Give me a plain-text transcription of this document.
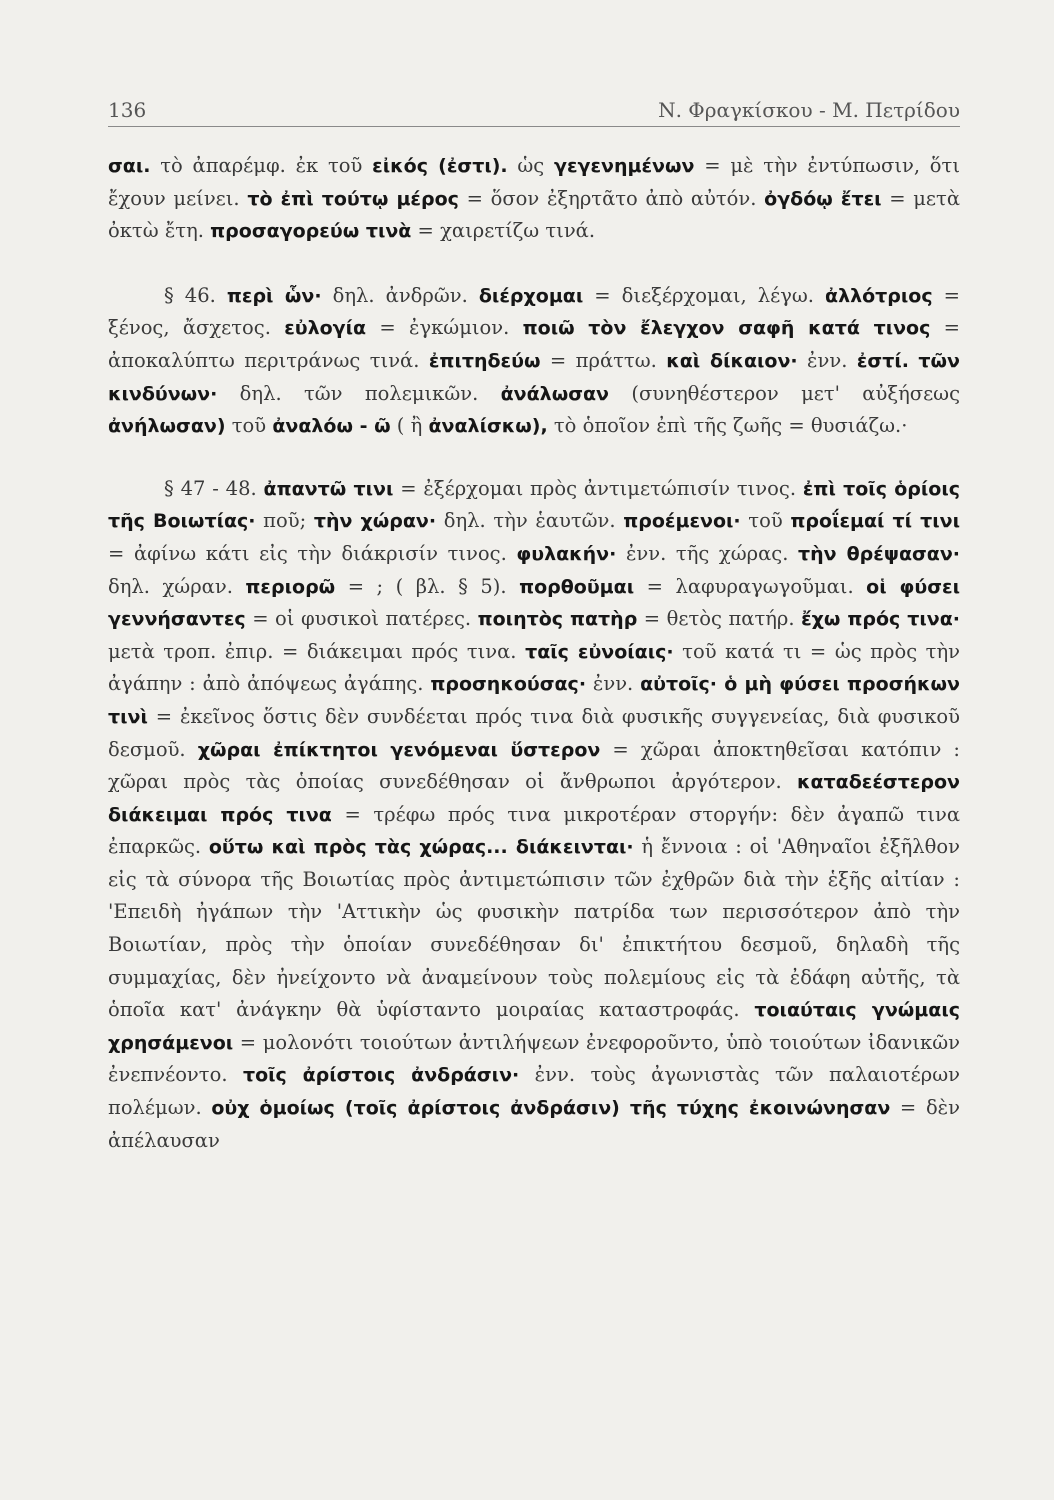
136	Ν. Φραγκίσκου - Μ. Πετρίδου

σαι. τὸ ἀπαρέμφ. ἐκ τοῦ εἰκός (ἐστι). ὡς γεγενημένων = μὲ τὴν ἐντύπωσιν, ὅτι ἔχουν μείνει. τὸ ἐπὶ τούτῳ μέρος = ὅσον ἐξηρτᾶτο ἀπὸ αὐτόν. ὀγδόῳ ἔτει = μετὰ ὀκτὼ ἔτη. προσαγορεύω τινὰ = χαιρετίζω τινά.

§ 46. περὶ ὧν· δηλ. ἀνδρῶν. διέρχομαι = διεξέρχομαι, λέγω. ἀλλότριος = ξένος, ἄσχετος. εὐλογία = ἐγκώμιον. ποιῶ τὸν ἔλεγχον σαφῆ κατά τινος = ἀποκαλύπτω περιτράνως τινά. ἐπιτηδεύω = πράττω. καὶ δίκαιον· ἐνν. ἐστί. τῶν κινδύνων· δηλ. τῶν πολεμικῶν. ἀνάλωσαν (συνηθέστερον μετ' αὐξήσεως ἀνήλωσαν) τοῦ ἀναλόω - ῶ ( ἢ ἀναλίσκω), τὸ ὁποῖον ἐπὶ τῆς ζωῆς = θυσιάζω.·

§ 47 - 48. ἀπαντῶ τινι = ἐξέρχομαι πρὸς ἀντιμετώπισίν τινος. ἐπὶ τοῖς ὁρίοις τῆς Βοιωτίας· ποῦ; τὴν χώραν· δηλ. τὴν ἑαυτῶν. προέμενοι· τοῦ προΐεμαί τί τινι = ἀφίνω κάτι εἰς τὴν διάκρισίν τινος. φυλακήν· ἐνν. τῆς χώρας. τὴν θρέψασαν· δηλ. χώραν. περιορῶ = ; ( βλ. § 5). πορθοῦμαι = λαφυραγωγοῦμαι. οἱ φύσει γεννήσαντες = οἱ φυσικοὶ πατέρες. ποιητὸς πατὴρ = θετὸς πατήρ. ἔχω πρός τινα· μετὰ τροπ. ἐπιρ. = διάκειμαι πρός τινα. ταῖς εὐνοίαις· τοῦ κατά τι = ὡς πρὸς τὴν ἀγάπην : ἀπὸ ἀπόψεως ἀγάπης. προσηκούσας· ἐνν. αὐτοῖς· ὁ μὴ φύσει προσήκων τινὶ = ἐκεῖνος ὅστις δὲν συνδέεται πρός τινα διὰ φυσικῆς συγγενείας, διὰ φυσικοῦ δεσμοῦ. χῶραι ἐπίκτητοι γενόμεναι ὕστερον = χῶραι ἀποκτηθεῖσαι κατόπιν : χῶραι πρὸς τὰς ὁποίας συνεδέθησαν οἱ ἄνθρωποι ἀργότερον. καταδεέστερον διάκειμαι πρός τινα = τρέφω πρός τινα μικροτέραν στοργήν: δὲν ἀγαπῶ τινα ἐπαρκῶς. οὕτω καὶ πρὸς τὰς χώρας... διάκεινται· ἡ ἔννοια : οἱ 'Αθηναῖοι ἐξῆλθον εἰς τὰ σύνορα τῆς Βοιωτίας πρὸς ἀντιμετώπισιν τῶν ἐχθρῶν διὰ τὴν ἑξῆς αἰτίαν : 'Επειδὴ ἠγάπων τὴν 'Αττικὴν ὡς φυσικὴν πατρίδα των περισσότερον ἀπὸ τὴν Βοιωτίαν, πρὸς τὴν ὁποίαν συνεδέθησαν δι' ἐπικτήτου δεσμοῦ, δηλαδὴ τῆς συμμαχίας, δὲν ἠνείχοντο νὰ ἀναμείνουν τοὺς πολεμίους εἰς τὰ ἐδάφη αὐτῆς, τὰ ὁποῖα κατ' ἀνάγκην θὰ ὑφίσταντο μοιραίας καταστροφάς. τοιαύταις γνώμαις χρησάμενοι = μολονότι τοιούτων ἀντιλήψεων ἐνεφοροῦντο, ὑπὸ τοιούτων ἰδανικῶν ἐνεπνέοντο. τοῖς ἀρίστοις ἀνδράσιν· ἐνν. τοὺς ἀγωνιστὰς τῶν παλαιοτέρων πολέμων. οὐχ ὁμοίως (τοῖς ἀρίστοις ἀνδράσιν) τῆς τύχης ἐκοινώνησαν = δὲν ἀπέλαυσαν
